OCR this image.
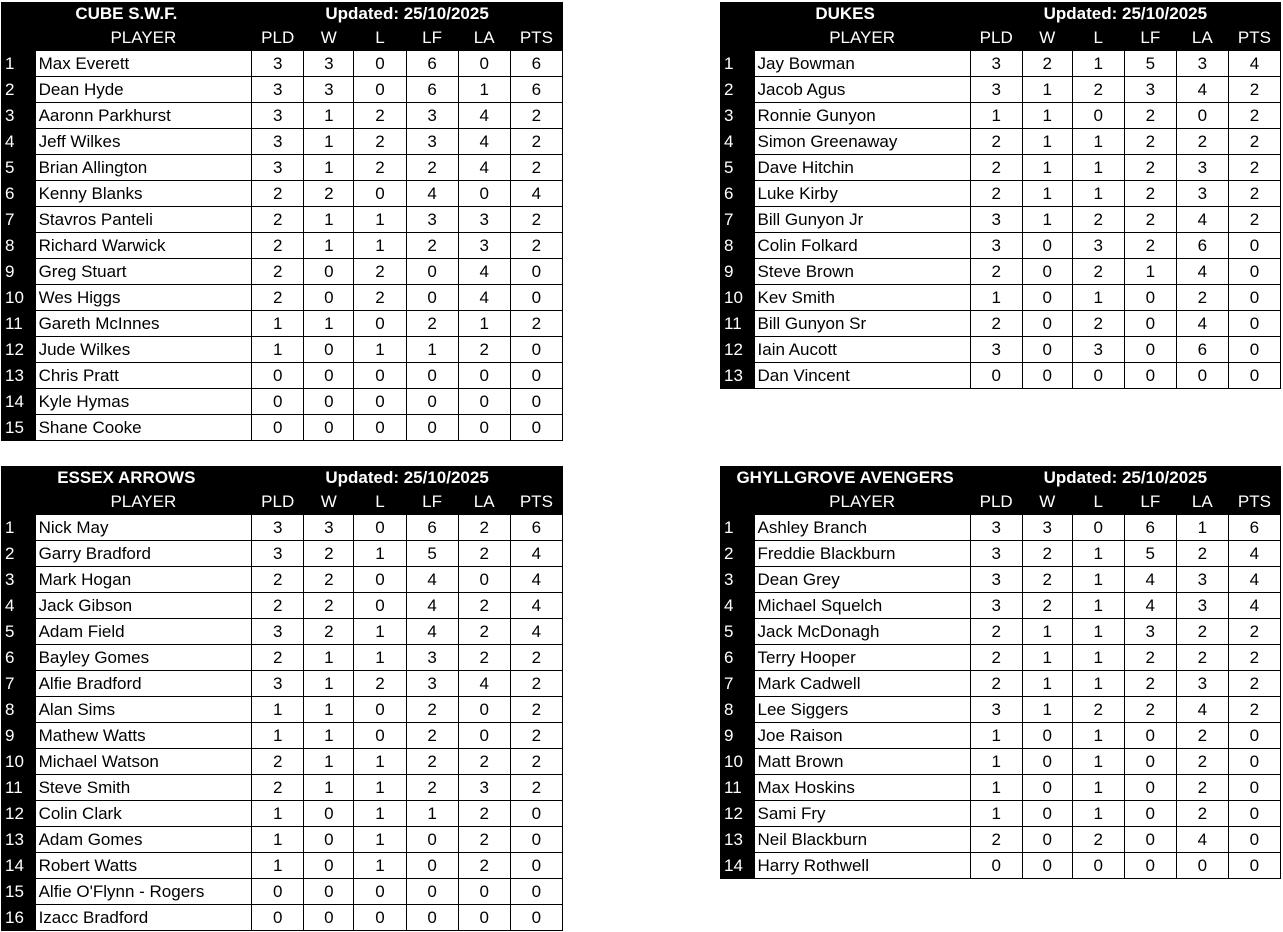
CUBE S.W.F.		Updated: 25/10/2025					
	PLAYER	PLD	W	L	LF	LA	PTS
1	Max Everett	3	3	0	6	0	6
2	Dean Hyde	3	3	0	6	1	6
3	Aaronn Parkhurst	3	1	2	3	4	2
4	Jeff Wilkes	3	1	2	3	4	2
5	Brian Allington	3	1	2	2	4	2
6	Kenny Blanks	2	2	0	4	0	4
7	Stavros Panteli	2	1	1	3	3	2
8	Richard Warwick	2	1	1	2	3	2
9	Greg Stuart	2	0	2	0	4	0
10	Wes Higgs	2	0	2	0	4	0
11	Gareth McInnes	1	1	0	2	1	2
12	Jude Wilkes	1	0	1	1	2	0
13	Chris Pratt	0	0	0	0	0	0
14	Kyle Hymas	0	0	0	0	0	0
15	Shane Cooke	0	0	0	0	0	0
DUKES		Updated: 25/10/2025					
	PLAYER	PLD	W	L	LF	LA	PTS
1	Jay Bowman	3	2	1	5	3	4
2	Jacob Agus	3	1	2	3	4	2
3	Ronnie Gunyon	1	1	0	2	0	2
4	Simon Greenaway	2	1	1	2	2	2
5	Dave Hitchin	2	1	1	2	3	2
6	Luke Kirby	2	1	1	2	3	2
7	Bill Gunyon Jr	3	1	2	2	4	2
8	Colin Folkard	3	0	3	2	6	0
9	Steve Brown	2	0	2	1	4	0
10	Kev Smith	1	0	1	0	2	0
11	Bill Gunyon Sr	2	0	2	0	4	0
12	Iain Aucott	3	0	3	0	6	0
13	Dan Vincent	0	0	0	0	0	0
ESSEX ARROWS		Updated: 25/10/2025					
	PLAYER	PLD	W	L	LF	LA	PTS
1	Nick May	3	3	0	6	2	6
2	Garry Bradford	3	2	1	5	2	4
3	Mark Hogan	2	2	0	4	0	4
4	Jack Gibson	2	2	0	4	2	4
5	Adam Field	3	2	1	4	2	4
6	Bayley Gomes	2	1	1	3	2	2
7	Alfie Bradford	3	1	2	3	4	2
8	Alan Sims	1	1	0	2	0	2
9	Mathew Watts	1	1	0	2	0	2
10	Michael Watson	2	1	1	2	2	2
11	Steve Smith	2	1	1	2	3	2
12	Colin Clark	1	0	1	1	2	0
13	Adam Gomes	1	0	1	0	2	0
14	Robert Watts	1	0	1	0	2	0
15	Alfie O'Flynn - Rogers	0	0	0	0	0	0
16	Izacc Bradford	0	0	0	0	0	0
GHYLLGROVE AVENGERS		Updated: 25/10/2025					
	PLAYER	PLD	W	L	LF	LA	PTS
1	Ashley Branch	3	3	0	6	1	6
2	Freddie Blackburn	3	2	1	5	2	4
3	Dean Grey	3	2	1	4	3	4
4	Michael Squelch	3	2	1	4	3	4
5	Jack McDonagh	2	1	1	3	2	2
6	Terry Hooper	2	1	1	2	2	2
7	Mark Cadwell	2	1	1	2	3	2
8	Lee Siggers	3	1	2	2	4	2
9	Joe Raison	1	0	1	0	2	0
10	Matt Brown	1	0	1	0	2	0
11	Max Hoskins	1	0	1	0	2	0
12	Sami Fry	1	0	1	0	2	0
13	Neil Blackburn	2	0	2	0	4	0
14	Harry Rothwell	0	0	0	0	0	0
